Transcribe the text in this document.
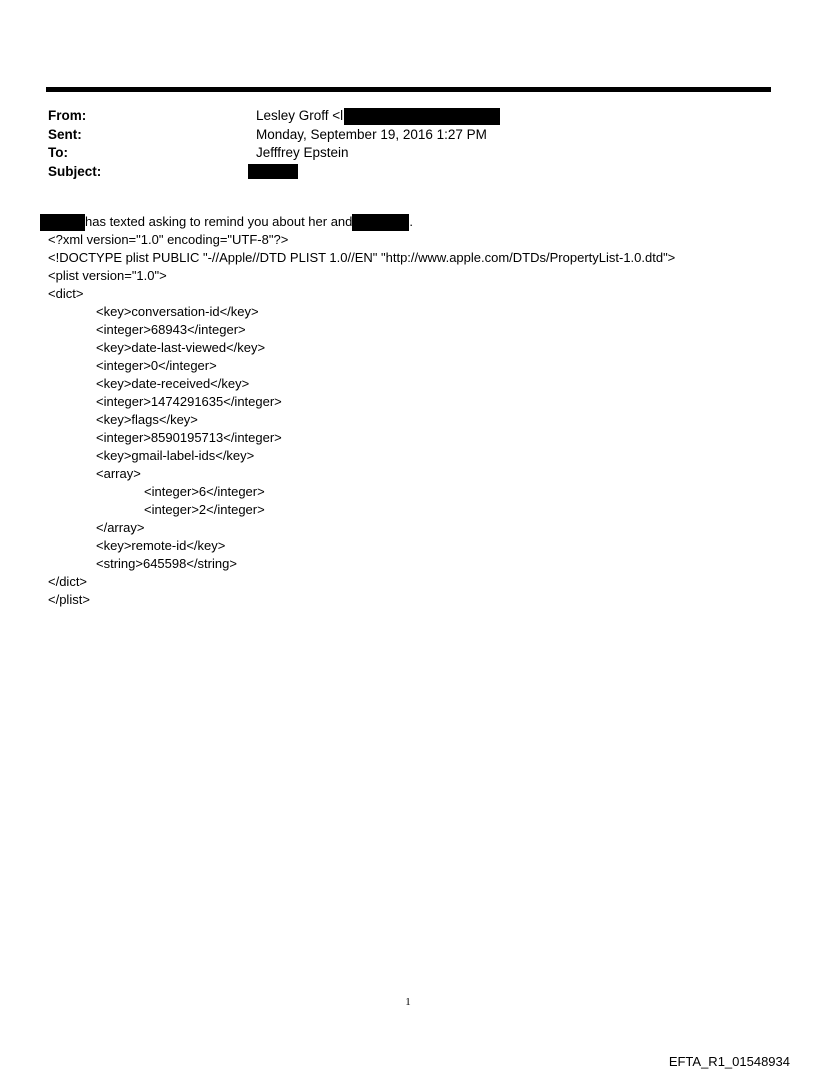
From:	Lesley Groff <l
Sent:	Monday, September 19, 2016 1:27 PM
To:	Jefffrey Epstein
Subject:
has texted asking to remind you about her and	.
<?xml version="1.0" encoding="UTF-8"?>
<!DOCTYPE plist PUBLIC "-//Apple//DTD PLIST 1.0//EN" "http://www.apple.com/DTDs/PropertyList-1.0.dtd">
<plist version="1.0">
<dict>
<key>conversation-id</key>
<integer>68943</integer>
<key>date-last-viewed</key>
<integer>0</integer>
<key>date-received</key>
<integer>1474291635</integer>
<key>flags</key>
<integer>8590195713</integer>
<key>gmail-label-ids</key>
<array>
<integer>6</integer>
<integer>2</integer>
</array>
<key>remote-id</key>
<string>645598</string>
</dict>
</plist>
1
EFTA_R1_01548934
